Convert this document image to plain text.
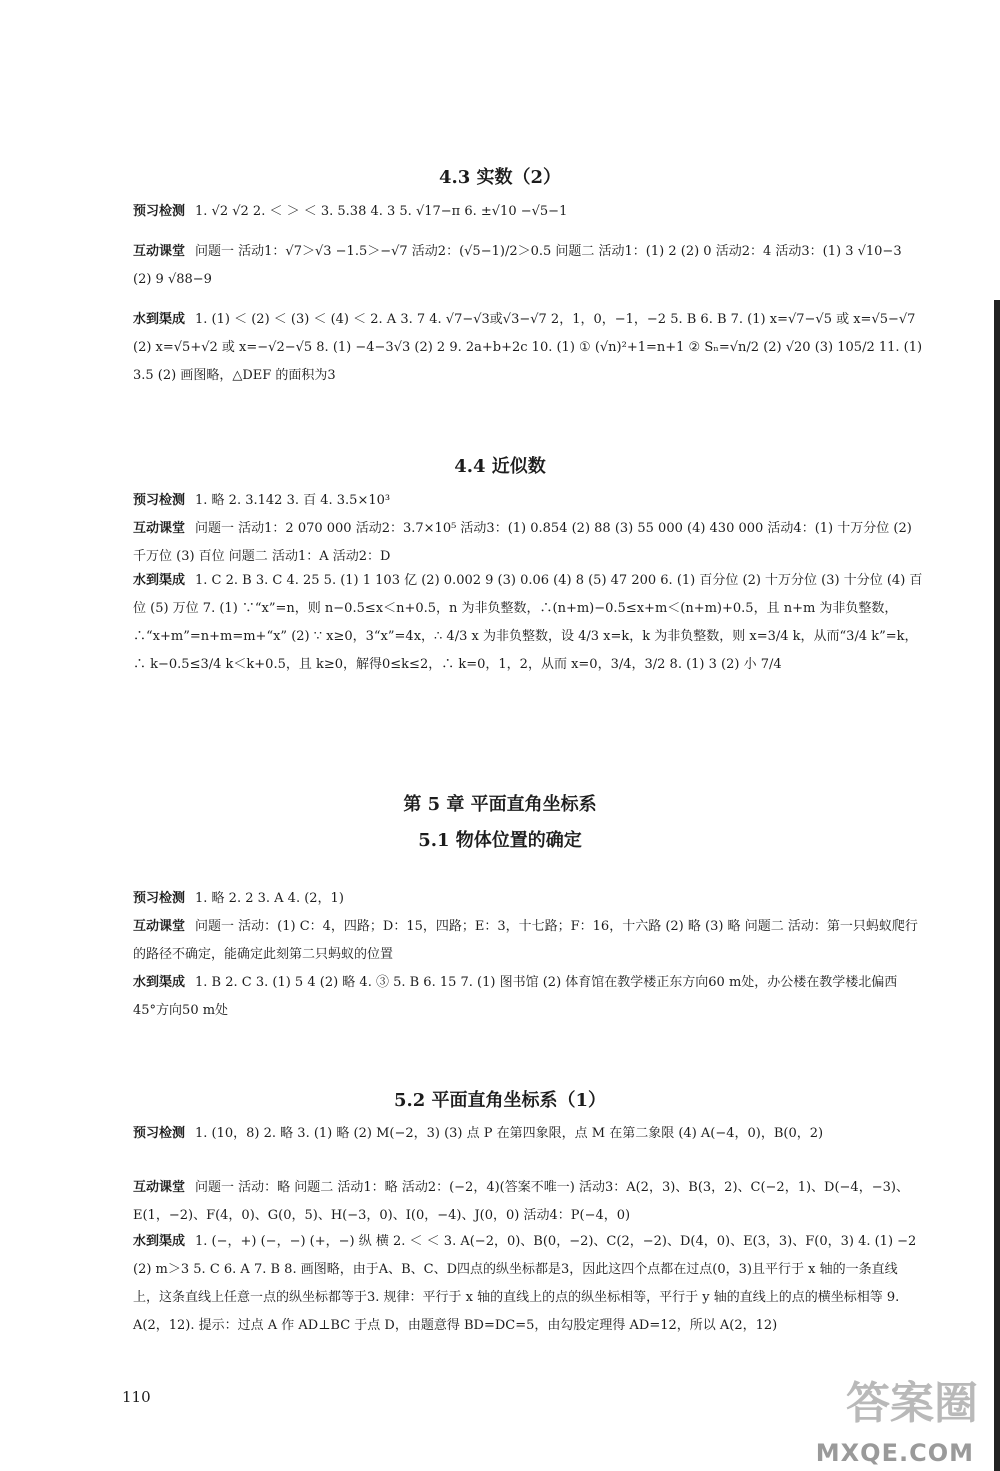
4.3 实数（2）

预习检测 1. √2 √2 2. ＜ ＞ ＜ 3. 5.38 4. 3 5. √17−π 6. ±√10 −√5−1

互动课堂 问题一 活动1：√7＞√3 −1.5＞−√7 活动2：(√5−1)/2＞0.5 问题二 活动1：(1) 2 (2) 0 活动2：4 活动3：(1) 3 √10−3 (2) 9 √88−9

水到渠成 1. (1) ＜ (2) ＜ (3) ＜ (4) ＜ 2. A 3. 7 4. √7−√3或√3−√7 2，1，0，−1，−2 5. B 6. B 7. (1) x=√7−√5 或 x=√5−√7 (2) x=√5+√2 或 x=−√2−√5 8. (1) −4−3√3 (2) 2 9. 2a+b+2c 10. (1) ① (√n)²+1=n+1 ② Sₙ=√n/2 (2) √20 (3) 105/2 11. (1) 3.5 (2) 画图略，△DEF 的面积为3

4.4 近似数

预习检测 1. 略 2. 3.142 3. 百 4. 3.5×10³

互动课堂 问题一 活动1：2 070 000 活动2：3.7×10⁵ 活动3：(1) 0.854 (2) 88 (3) 55 000 (4) 430 000 活动4：(1) 十万分位 (2) 千万位 (3) 百位 问题二 活动1：A 活动2：D

水到渠成 1. C 2. B 3. C 4. 25 5. (1) 1 103 亿 (2) 0.002 9 (3) 0.06 (4) 8 (5) 47 200 6. (1) 百分位 (2) 十万分位 (3) 十分位 (4) 百位 (5) 万位 7. (1) ∵“x”=n，则 n−0.5≤x＜n+0.5，n 为非负整数，∴(n+m)−0.5≤x+m＜(n+m)+0.5，且 n+m 为非负整数，∴“x+m”=n+m=m+“x” (2) ∵ x≥0，3“x”=4x，∴ 4/3 x 为非负整数，设 4/3 x=k，k 为非负整数，则 x=3/4 k，从而“3/4 k”=k，∴ k−0.5≤3/4 k＜k+0.5，且 k≥0，解得0≤k≤2，∴ k=0，1，2，从而 x=0，3/4，3/2 8. (1) 3 (2) 小 7/4

第 5 章 平面直角坐标系
5.1 物体位置的确定

预习检测 1. 略 2. 2 3. A 4. (2，1)

互动课堂 问题一 活动：(1) C：4，四路；D：15，四路；E：3，十七路；F：16，十六路 (2) 略 (3) 略 问题二 活动：第一只蚂蚁爬行的路径不确定，能确定此刻第二只蚂蚁的位置

水到渠成 1. B 2. C 3. (1) 5 4 (2) 略 4. ③ 5. B 6. 15 7. (1) 图书馆 (2) 体育馆在教学楼正东方向60 m处，办公楼在教学楼北偏西 45°方向50 m处

5.2 平面直角坐标系（1）

预习检测 1. (10，8) 2. 略 3. (1) 略 (2) M(−2，3) (3) 点 P 在第四象限，点 M 在第二象限 (4) A(−4，0)，B(0，2)

互动课堂 问题一 活动：略 问题二 活动1：略 活动2：(−2，4)(答案不唯一) 活动3：A(2，3)、B(3，2)、C(−2，1)、D(−4，−3)、E(1，−2)、F(4，0)、G(0，5)、H(−3，0)、I(0，−4)、J(0，0) 活动4：P(−4，0)

水到渠成 1. (−，+) (−，−) (+，−) 纵 横 2. ＜ ＜ 3. A(−2，0)、B(0，−2)、C(2，−2)、D(4，0)、E(3，3)、F(0，3) 4. (1) −2 (2) m＞3 5. C 6. A 7. B 8. 画图略，由于A、B、C、D四点的纵坐标都是3，因此这四个点都在过点(0，3)且平行于 x 轴的一条直线上，这条直线上任意一点的纵坐标都等于3. 规律：平行于 x 轴的直线上的点的纵坐标相等，平行于 y 轴的直线上的点的横坐标相等 9. A(2，12). 提示：过点 A 作 AD⊥BC 于点 D，由题意得 BD=DC=5，由勾股定理得 AD=12，所以 A(2，12)

110	答案圈
MXQE.COM
